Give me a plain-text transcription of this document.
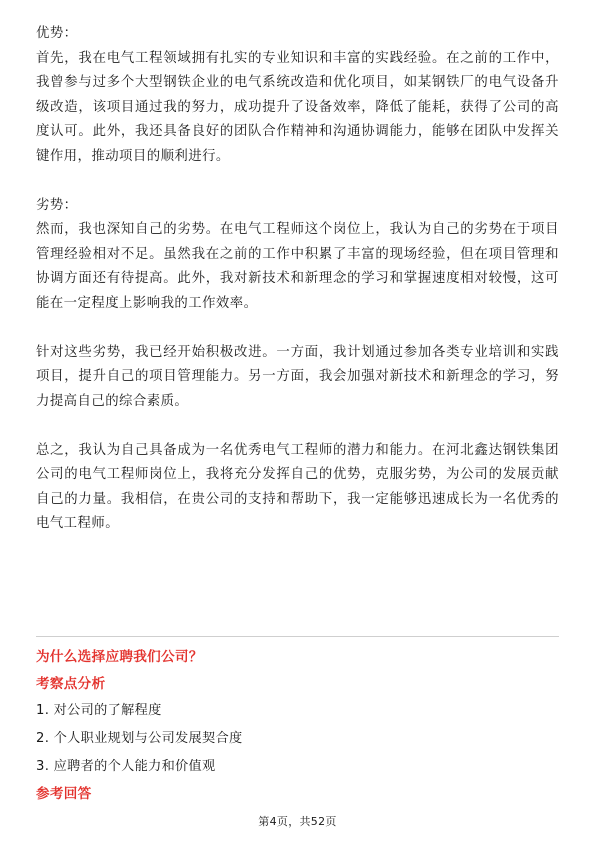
优势：
首先，我在电气工程领域拥有扎实的专业知识和丰富的实践经验。在之前的工作中，我曾参与过多个大型钢铁企业的电气系统改造和优化项目，如某钢铁厂的电气设备升级改造，该项目通过我的努力，成功提升了设备效率，降低了能耗，获得了公司的高度认可。此外，我还具备良好的团队合作精神和沟通协调能力，能够在团队中发挥关键作用，推动项目的顺利进行。
劣势：
然而，我也深知自己的劣势。在电气工程师这个岗位上，我认为自己的劣势在于项目管理经验相对不足。虽然我在之前的工作中积累了丰富的现场经验，但在项目管理和协调方面还有待提高。此外，我对新技术和新理念的学习和掌握速度相对较慢，这可能在一定程度上影响我的工作效率。
针对这些劣势，我已经开始积极改进。一方面，我计划通过参加各类专业培训和实践项目，提升自己的项目管理能力。另一方面，我会加强对新技术和新理念的学习，努力提高自己的综合素质。
总之，我认为自己具备成为一名优秀电气工程师的潜力和能力。在河北鑫达钢铁集团公司的电气工程师岗位上，我将充分发挥自己的优势，克服劣势，为公司的发展贡献自己的力量。我相信，在贵公司的支持和帮助下，我一定能够迅速成长为一名优秀的电气工程师。
为什么选择应聘我们公司？
考察点分析
1. 对公司的了解程度
2. 个人职业规划与公司发展契合度
3. 应聘者的个人能力和价值观
参考回答
第4页，共52页
